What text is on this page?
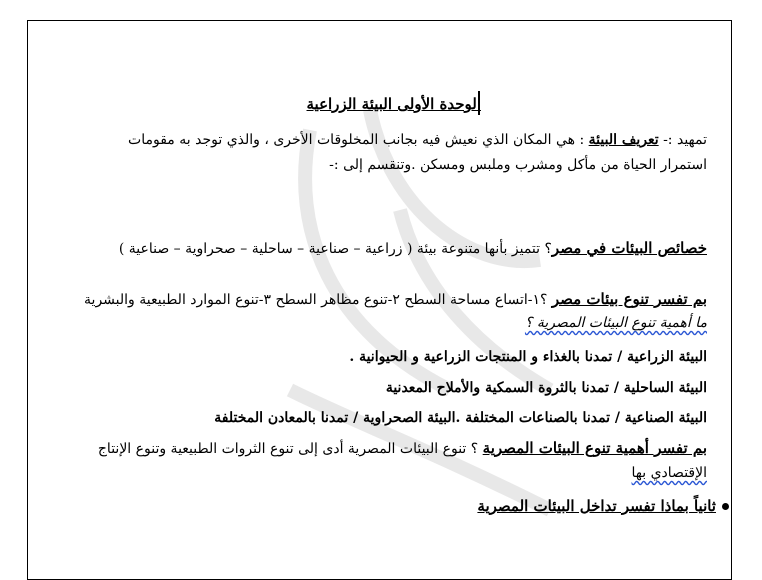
الوحدة الأولى البيئة الزراعية
تمهيد :- تعريف البيئة : هي المكان الذي نعيش فيه بجانب المخلوقات الأخرى ، والذي توجد به مقومات
استمرار الحياة من مأكل ومشرب وملبس ومسكن .وتنقسم إلى :-
خصائص البيئات في مصر؟ تتميز بأنها متنوعة بيئة ( زراعية – صناعية – ساحلية – صحراوية – صناعية )
بم تفسر تنوع بيئات مصر ؟١-اتساع مساحة السطح ٢-تنوع مظاهر السطح ٣-تنوع الموارد الطبيعية والبشرية
ما أهمية تنوع البيئات المصرية ؟
البيئة الزراعية / تمدنا بالغذاء و المنتجات الزراعية و الحيوانية .
البيئة الساحلية / تمدنا بالثروة السمكية والأملاح المعدنية
البيئة الصناعية / تمدنا بالصناعات المختلفة .البيئة الصحراوية / تمدنا بالمعادن المختلفة
بم تفسر أهمية تنوع البيئات المصرية ؟ تنوع البيئات المصرية أدى إلى تنوع الثروات الطبيعية وتنوع الإنتاج
الإقتصادي بها
ثانياً بماذا تفسر تداخل البيئات المصرية
